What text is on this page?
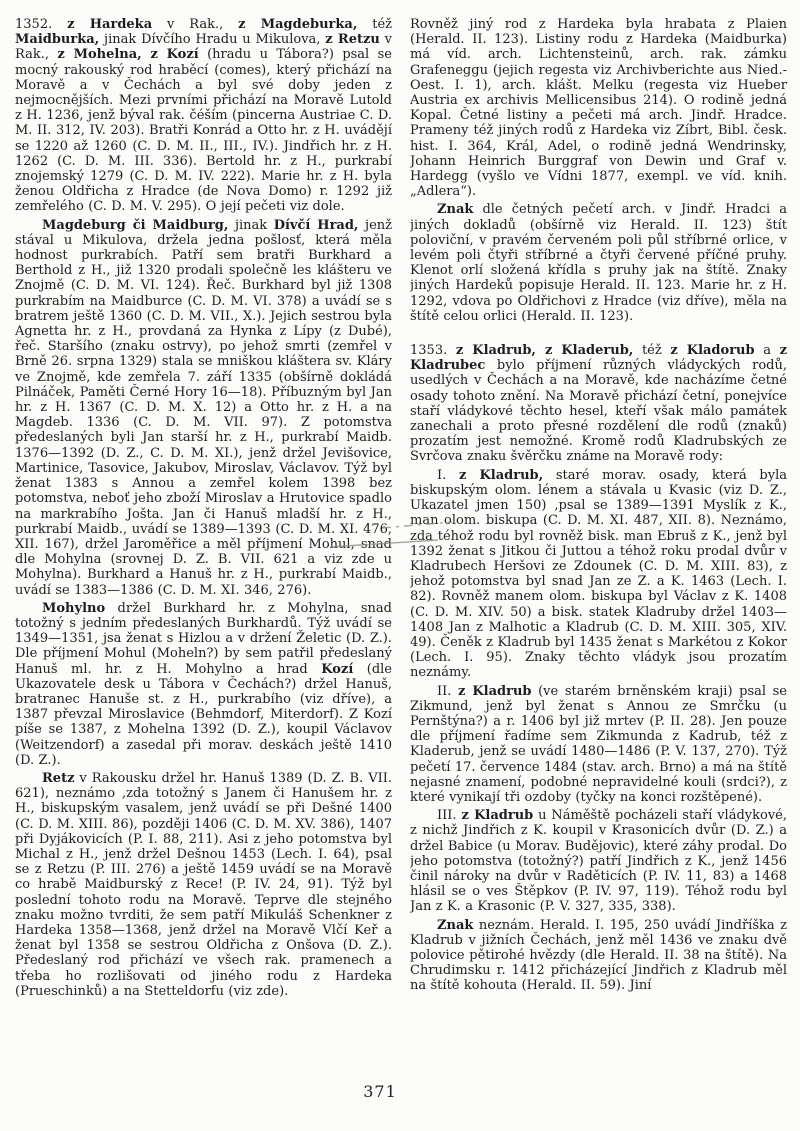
1352. z Hardeka v Rak., z Magdeburka, též Maidburka, jinak Dívčího Hradu u Mikulova, z Retzu v Rak., z Mohelna, z Kozí (hradu u Tábora?) psal se mocný rakouský rod hraběcí (comes), který přichází na Moravě a v Čechách a byl své doby jeden z nejmocnějších. Mezi prvními přichází na Moravě Lutold z H. 1236, jenž býval rak. čéším (pincerna Austriae C. D. M. II. 312, IV. 203). Bratři Konrád a Otto hr. z H. uvádějí se 1220 až 1260 (C. D. M. II., III., IV.). Jindřich hr. z H. 1262 (C. D. M. III. 336). Bertold hr. z H., purkrabí znojemský 1279 (C. D. M. IV. 222). Marie hr. z H. byla ženou Oldřicha z Hradce (de Nova Domo) r. 1292 již zemřelého (C. D. M. V. 295). O její pečeti viz dole.

Magdeburg či Maidburg, jinak Dívčí Hrad, jenž stával u Mikulova, držela jedna pošlosť, která měla hodnost purkrabích. Patří sem bratři Burkhard a Berthold z H., již 1320 prodali společně les klášteru ve Znojmě (C. D. M. VI. 124). Řeč. Burkhard byl již 1308 purkrabím na Maidburce (C. D. M. VI. 378) a uvádí se s bratrem ještě 1360 (C. D. M. VII., X.). Jejich sestrou byla Agnetta hr. z H., provdaná za Hynka z Lípy (z Dubé), řeč. Staršího (znaku ostrvy), po jehož smrti (zemřel v Brně 26. srpna 1329) stala se mniškou kláštera sv. Kláry ve Znojmě, kde zemřela 7. září 1335 (obšírně dokládá Pilnáček, Paměti Černé Hory 16—18). Příbuzným byl Jan hr. z H. 1367 (C. D. M. X. 12) a Otto hr. z H. a na Magdeb. 1336 (C. D. M. VII. 97). Z potomstva předeslaných byli Jan starší hr. z H., purkrabí Maidb. 1376—1392 (D. Z., C. D. M. XI.), jenž držel Jevišovice, Martinice, Tasovice, Jakubov, Miroslav, Václavov. Týž byl ženat 1383 s Annou a zemřel kolem 1398 bez potomstva, neboť jeho zboží Miroslav a Hrutovice spadlo na markrabího Jošta. Jan či Hanuš mladší hr. z H., purkrabí Maidb., uvádí se 1389—1393 (C. D. M. XI. 476, XII. 167), držel Jaroměřice a měl příjmení Mohul, snad dle Mohylna (srovnej D. Z. B. VII. 621 a viz zde u Mohylna). Burkhard a Hanuš hr. z H., purkrabí Maidb., uvádí se 1383—1386 (C. D. M. XI. 346, 276).

Mohylno držel Burkhard hr. z Mohylna, snad totožný s jedním předeslaných Burkhardů. Týž uvádí se 1349—1351, jsa ženat s Hizlou a v držení Želetic (D. Z.). Dle příjmení Mohul (Moheln?) by sem patřil předeslaný Hanuš ml. hr. z H. Mohylno a hrad Kozí (dle Ukazovatele desk u Tábora v Čechách?) držel Hanuš, bratranec Hanuše st. z H., purkrabího (viz dříve), a 1387 převzal Miroslavice (Behmdorf, Miterdorf). Z Kozí píše se 1387, z Mohelna 1392 (D. Z.), koupil Václavov (Weitzendorf) a zasedal při morav. deskách ještě 1410 (D. Z.).

Retz v Rakousku držel hr. Hanuš 1389 (D. Z. B. VII. 621), neznámo ,zda totožný s Janem či Hanušem hr. z H., biskupským vasalem, jenž uvádí se při Dešné 1400 (C. D. M. XIII. 86), později 1406 (C. D. M. XV. 386), 1407 při Dyjákovicích (P. I. 88, 211). Asi z jeho potomstva byl Michal z H., jenž držel Dešnou 1453 (Lech. I. 64), psal se z Retzu (P. III. 276) a ještě 1459 uvádí se na Moravě co hrabě Maidburský z Rece! (P. IV. 24, 91). Týž byl poslední tohoto rodu na Moravě. Teprve dle stejného znaku možno tvrditi, že sem patří Mikuláš Schenkner z Hardeka 1358—1368, jenž držel na Moravě Vlčí Keř a ženat byl 1358 se sestrou Oldřicha z Onšova (D. Z.). Předeslaný rod přichází ve všech rak. pramenech a třeba ho rozlišovati od jiného rodu z Hardeka (Prueschinků) a na Stetteldorfu (viz zde).

Rovněž jiný rod z Hardeka byla hrabata z Plaien (Herald. II. 123). Listiny rodu z Hardeka (Maidburka) má víd. arch. Lichtensteinů, arch. rak. zámku Grafeneggu (jejich regesta viz Archivberichte aus Nied.-Oest. I. 1), arch. klášt. Melku (regesta viz Hueber Austria ex archivis Mellicensibus 214). O rodině jedná Kopal. Četné listiny a pečeti má arch. Jindř. Hradce. Prameny též jiných rodů z Hardeka viz Zíbrt, Bibl. česk. hist. I. 364, Král, Adel, o rodině jedná Wendrinsky, Johann Heinrich Burggraf von Dewin und Graf v. Hardegg (vyšlo ve Vídni 1877, exempl. ve víd. knih. „Adlera“).

Znak dle četných pečetí arch. v Jindř. Hradci a jiných dokladů (obšírně viz Herald. II. 123) štít poloviční, v pravém červeném poli půl stříbrné orlice, v levém poli čtyři stříbrné a čtyři červené příčné pruhy. Klenot orlí složená křídla s pruhy jak na štítě. Znaky jiných Hardeků popisuje Herald. II. 123. Marie hr. z H. 1292, vdova po Oldřichovi z Hradce (viz dříve), měla na štítě celou orlici (Herald. II. 123).

1353. z Kladrub, z Kladerub, též z Kladorub a z Kladrubec bylo příjmení různých vládyckých rodů, usedlých v Čechách a na Moravě, kde nacházíme četné osady tohoto znění. Na Moravě přichází četní, ponejvíce staří vládykové těchto hesel, kteří však málo památek zanechali a proto přesné rozdělení dle rodů (znaků) prozatím jest nemožné. Kromě rodů Kladrubských ze Svrčova znaku švěrčku známe na Moravě rody:

I. z Kladrub, staré morav. osady, která byla biskupským olom. lénem a stávala u Kvasic (viz D. Z., Ukazatel jmen 150) ,psal se 1389—1391 Myslík z K., man olom. biskupa (C. D. M. XI. 487, XII. 8). Neznámo, zda téhož rodu byl rovněž bisk. man Ebruš z K., jenž byl 1392 ženat s Jitkou či Juttou a téhož roku prodal dvůr v Kladrubech Heršovi ze Zdounek (C. D. M. XIII. 83), z jehož potomstva byl snad Jan ze Z. a K. 1463 (Lech. I. 82). Rovněž manem olom. biskupa byl Václav z K. 1408 (C. D. M. XIV. 50) a bisk. statek Kladruby držel 1403—1408 Jan z Malhotic a Kladrub (C. D. M. XIII. 305, XIV. 49). Čeněk z Kladrub byl 1435 ženat s Markétou z Kokor (Lech. I. 95). Znaky těchto vládyk jsou prozatím neznámy.

II. z Kladrub (ve starém brněnském kraji) psal se Zikmund, jenž byl ženat s Annou ze Smrčku (u Pernštýna?) a r. 1406 byl již mrtev (P. II. 28). Jen pouze dle příjmení řadíme sem Zikmunda z Kadrub, též z Kladerub, jenž se uvádí 1480—1486 (P. V. 137, 270). Týž pečetí 17. července 1484 (stav. arch. Brno) a má na štítě nejasné znamení, podobné nepravidelné kouli (srdci?), z které vynikají tři ozdoby (tyčky na konci rozštěpené).

III. z Kladrub u Náměště pocházeli staří vládykové, z nichž Jindřich z K. koupil v Krasonicích dvůr (D. Z.) a držel Babice (u Morav. Budějovic), které záhy prodal. Do jeho potomstva (totožný?) patří Jindřich z K., jenž 1456 činil nároky na dvůr v Raděticích (P. IV. 11, 83) a 1468 hlásil se o ves Štěpkov (P. IV. 97, 119). Téhož rodu byl Jan z K. a Krasonic (P. V. 327, 335, 338).

Znak neznám. Herald. I. 195, 250 uvádí Jindříška z Kladrub v jižních Čechách, jenž měl 1436 ve znaku dvě polovice pětirohé hvězdy (dle Herald. II. 38 na štítě). Na Chrudimsku r. 1412 přicházející Jindřich z Kladrub měl na štítě kohouta (Herald. II. 59). Jiní

371
